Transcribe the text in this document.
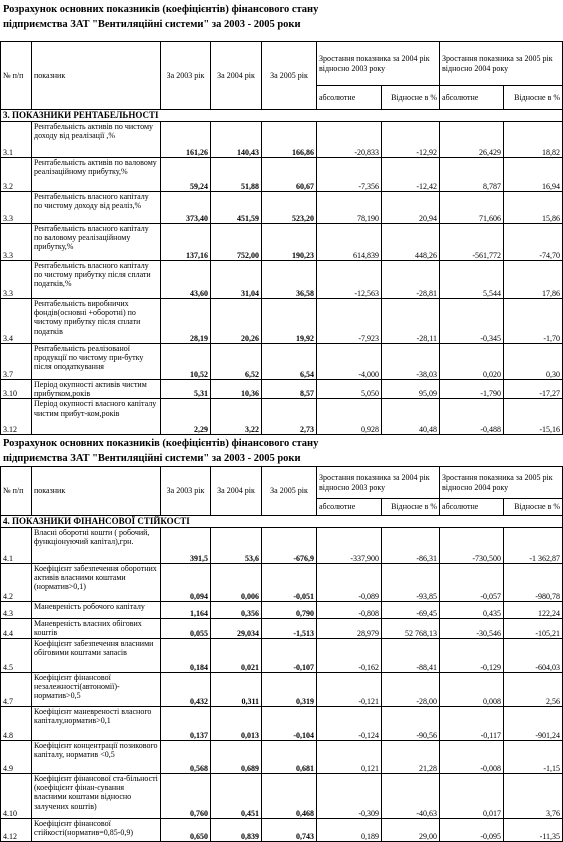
Розрахунок основних показників (коефіцієнтів) фінансового стану
підприємства ЗАТ "Вентиляційні системи" за 2003 - 2005 роки
№ п/п	показник	За 2003 рік	За 2004 рік	За 2005 рік	Зростання показника за 2004 рік відносно 2003 року		Зростання показника за 2005 рік відносно 2004 року	
					абсолютне	Відносне в %	абсолютне	Відносне в %
3. ПОКАЗНИКИ РЕНТАБЕЛЬНОСТІ								
3.1	Рентабельність активів по чистому доходу від реалізації ,%	161,26	140,43	166,86	-20,833	-12,92	26,429	18,82
3.2	Рентабельність активів по валовому реалізаційному прибутку,%	59,24	51,88	60,67	-7,356	-12,42	8,787	16,94
3.3	Рентабельність власного капіталу по чистому доходу від реаліз,%	373,40	451,59	523,20	78,190	20,94	71,606	15,86
3.3	Рентабельність власного капіталу по валовому реалізаційному прибутку,%	137,16	752,00	190,23	614,839	448,26	-561,772	-74,70
3.3	Рентабельність власного капіталу по чистому прибутку після сплати податків,%	43,60	31,04	36,58	-12,563	-28,81	5,544	17,86
3.4	Рентабельність виробничих фондів(основні +оборотні) по чистому прибутку після сплати податків	28,19	20,26	19,92	-7,923	-28,11	-0,345	-1,70
3.7	Рентабельність реалізованої продукції по чистому при-бутку після оподаткування	10,52	6,52	6,54	-4,000	-38,03	0,020	0,30
3.10	Період окупності активів чистим прибутком,років	5,31	10,36	8,57	5,050	95,09	-1,790	-17,27
3.12	Період окупності власного капіталу чистим прибут-ком,років	2,29	3,22	2,73	0,928	40,48	-0,488	-15,16
Розрахунок основних показників (коефіцієнтів) фінансового стану
підприємства ЗАТ "Вентиляційні системи" за 2003 - 2005 роки
№ п/п	показник	За 2003 рік	За 2004 рік	За 2005 рік	Зростання показника за 2004 рік відносно 2003 року		Зростання показника за 2005 рік відносно 2004 року	
					абсолютне	Відносне в %	абсолютне	Відносне в %
4. ПОКАЗНИКИ ФІНАНСОВОЇ СТІЙКОСТІ								
4.1	Власні оборотні кошти ( робочий, функціонуючий капітал),грн.	391,5	53,6	-676,9	-337,900	-86,31	-730,500	-1 362,87
4.2	Коефіцієнт забезпечення оборотних активів власними коштами (норматив>0,1)	0,094	0,006	-0,051	-0,089	-93,85	-0,057	-980,78
4.3	Маневреність робочого капіталу	1,164	0,356	0,790	-0,808	-69,45	0,435	122,24
4.4	Маневреність власних обігових коштів	0,055	29,034	-1,513	28,979	52 768,13	-30,546	-105,21
4.5	Коефіцієнт забезпечення власними обіговими коштами запасів	0,184	0,021	-0,107	-0,162	-88,41	-0,129	-604,03
4.7	Коефіцієнт фінансової незалежності(автономії)-норматив>0,5	0,432	0,311	0,319	-0,121	-28,00	0,008	2,56
4.8	Коефіцієнт маневреності власного капіталу,норматив>0,1	0,137	0,013	-0,104	-0,124	-90,56	-0,117	-901,24
4.9	Коефіцієнт концентрації позикового капіталу, норматив <0,5	0,568	0,689	0,681	0,121	21,28	-0,008	-1,15
4.10	Коефіцієнт фінансової ста-більності (коефіцієнт фінан-сування власними коштами відносно залучених коштів)	0,760	0,451	0,468	-0,309	-40,63	0,017	3,76
4.12	Коефіцієнт фінансової стійкості(норматив=0,85-0,9)	0,650	0,839	0,743	0,189	29,00	-0,095	-11,35
